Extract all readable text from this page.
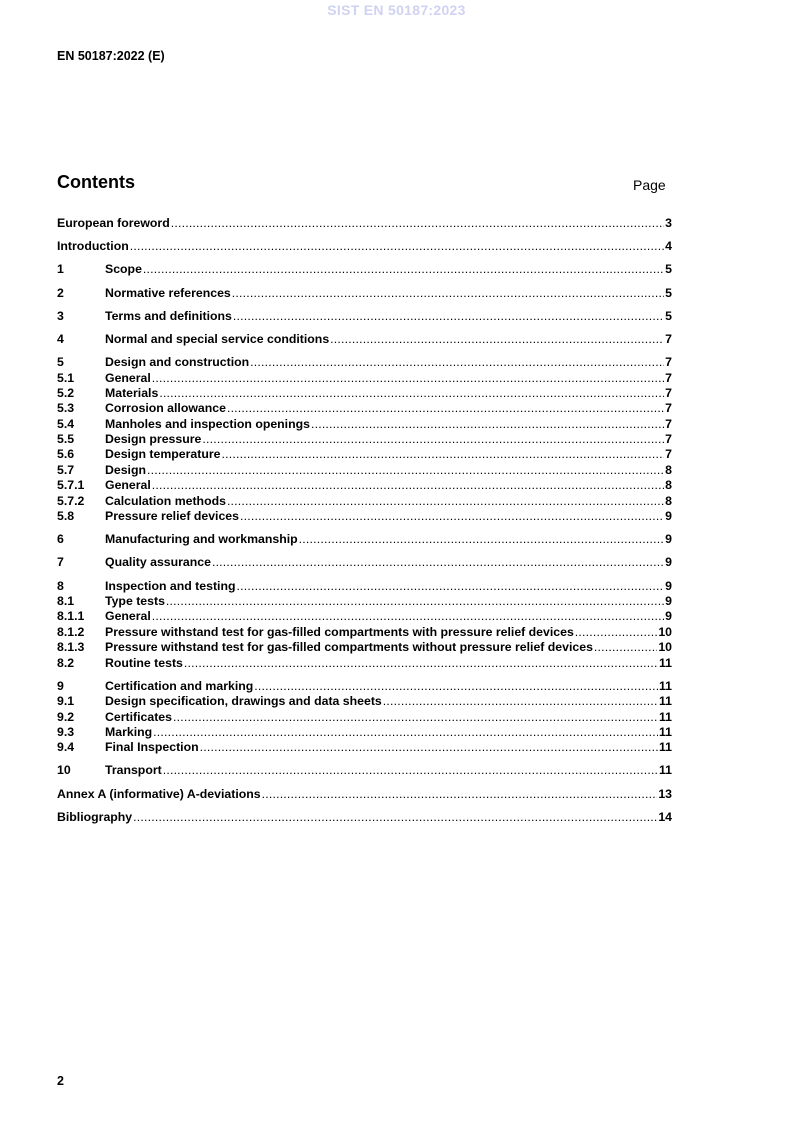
SIST EN 50187:2023
EN 50187:2022 (E)
Contents	Page
European foreword .....	3
Introduction .....	4
1	Scope .....	5
2	Normative references .....	5
3	Terms and definitions .....	5
4	Normal and special service conditions .....	7
5	Design and construction .....	7
5.1	General .....	7
5.2	Materials .....	7
5.3	Corrosion allowance .....	7
5.4	Manholes and inspection openings .....	7
5.5	Design pressure .....	7
5.6	Design temperature .....	7
5.7	Design .....	8
5.7.1	General .....	8
5.7.2	Calculation methods .....	8
5.8	Pressure relief devices .....	9
6	Manufacturing and workmanship .....	9
7	Quality assurance .....	9
8	Inspection and testing .....	9
8.1	Type tests .....	9
8.1.1	General .....	9
8.1.2	Pressure withstand test for gas-filled compartments with pressure relief devices .....	10
8.1.3	Pressure withstand test for gas-filled compartments without pressure relief devices .....	10
8.2	Routine tests .....	11
9	Certification and marking .....	11
9.1	Design specification, drawings and data sheets .....	11
9.2	Certificates .....	11
9.3	Marking .....	11
9.4	Final Inspection .....	11
10	Transport .....	11
Annex A (informative) A-deviations .....	13
Bibliography .....	14
2
